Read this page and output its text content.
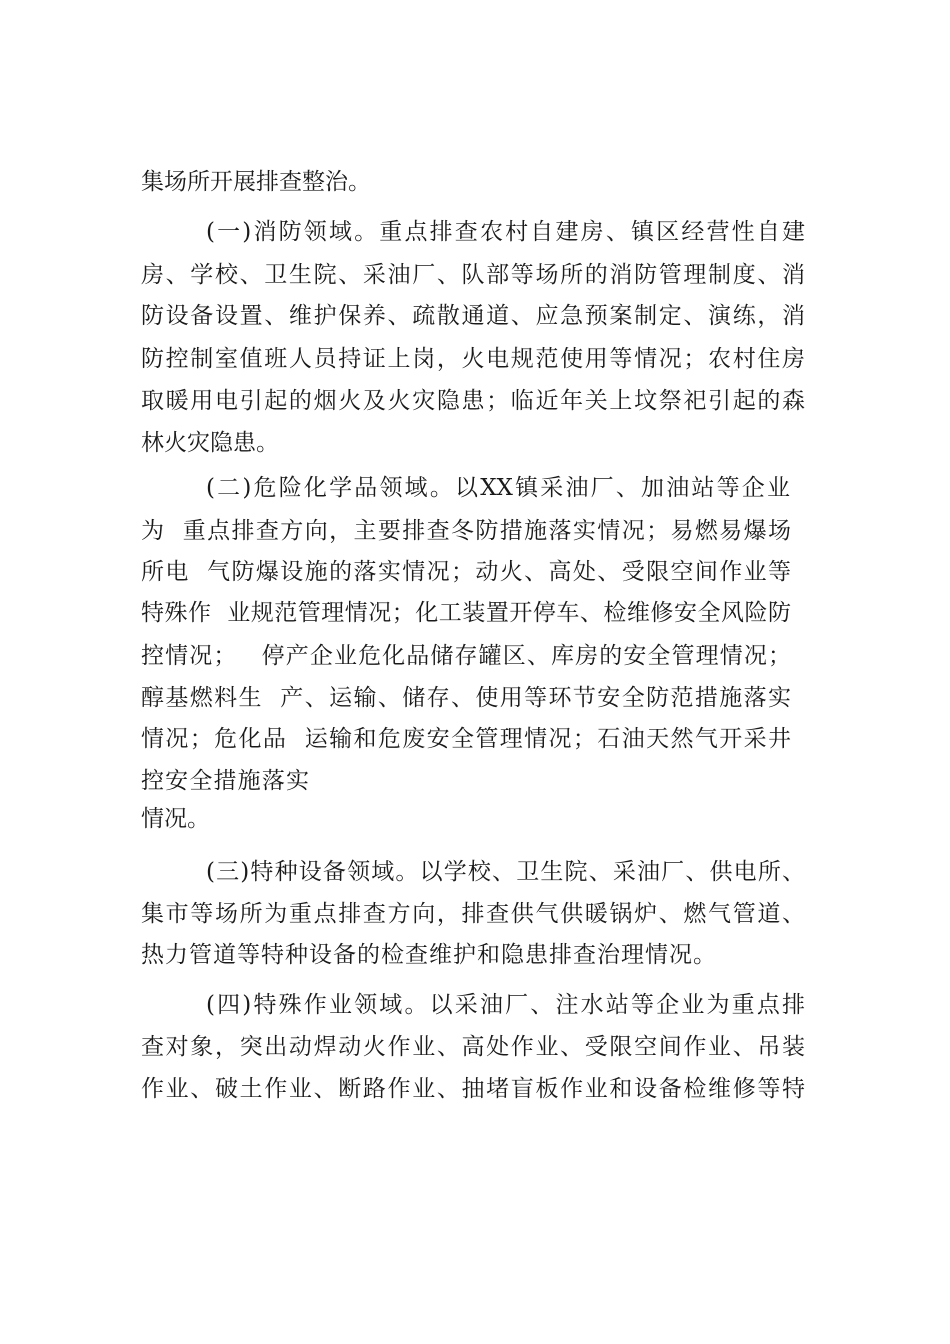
集场所开展排查整治。
(一)消防领域。重点排查农村自建房、镇区经营性自建
房、学校、卫生院、采油厂、队部等场所的消防管理制度、消
防设备设置、维护保养、疏散通道、应急预案制定、演练，消
防控制室值班人员持证上岗，火电规范使用等情况；农村住房
取暖用电引起的烟火及火灾隐患；临近年关上坟祭祀引起的森
林火灾隐患。
(二)危险化学品领域。以XX镇采油厂、加油站等企业
为  重点排查方向，主要排查冬防措施落实情况；易燃易爆场
所电  气防爆设施的落实情况；动火、高处、受限空间作业等
特殊作  业规范管理情况；化工装置开停车、检维修安全风险防
控情况；   停产企业危化品储存罐区、库房的安全管理情况；
醇基燃料生  产、运输、储存、使用等环节安全防范措施落实
情况；危化品  运输和危废安全管理情况；石油天然气开采井
控安全措施落实
情况。
(三)特种设备领域。以学校、卫生院、采油厂、供电所、
集市等场所为重点排查方向，排查供气供暖锅炉、燃气管道、
热力管道等特种设备的检查维护和隐患排查治理情况。
(四)特殊作业领域。以采油厂、注水站等企业为重点排
查对象，突出动焊动火作业、高处作业、受限空间作业、吊装
作业、破土作业、断路作业、抽堵盲板作业和设备检维修等特
